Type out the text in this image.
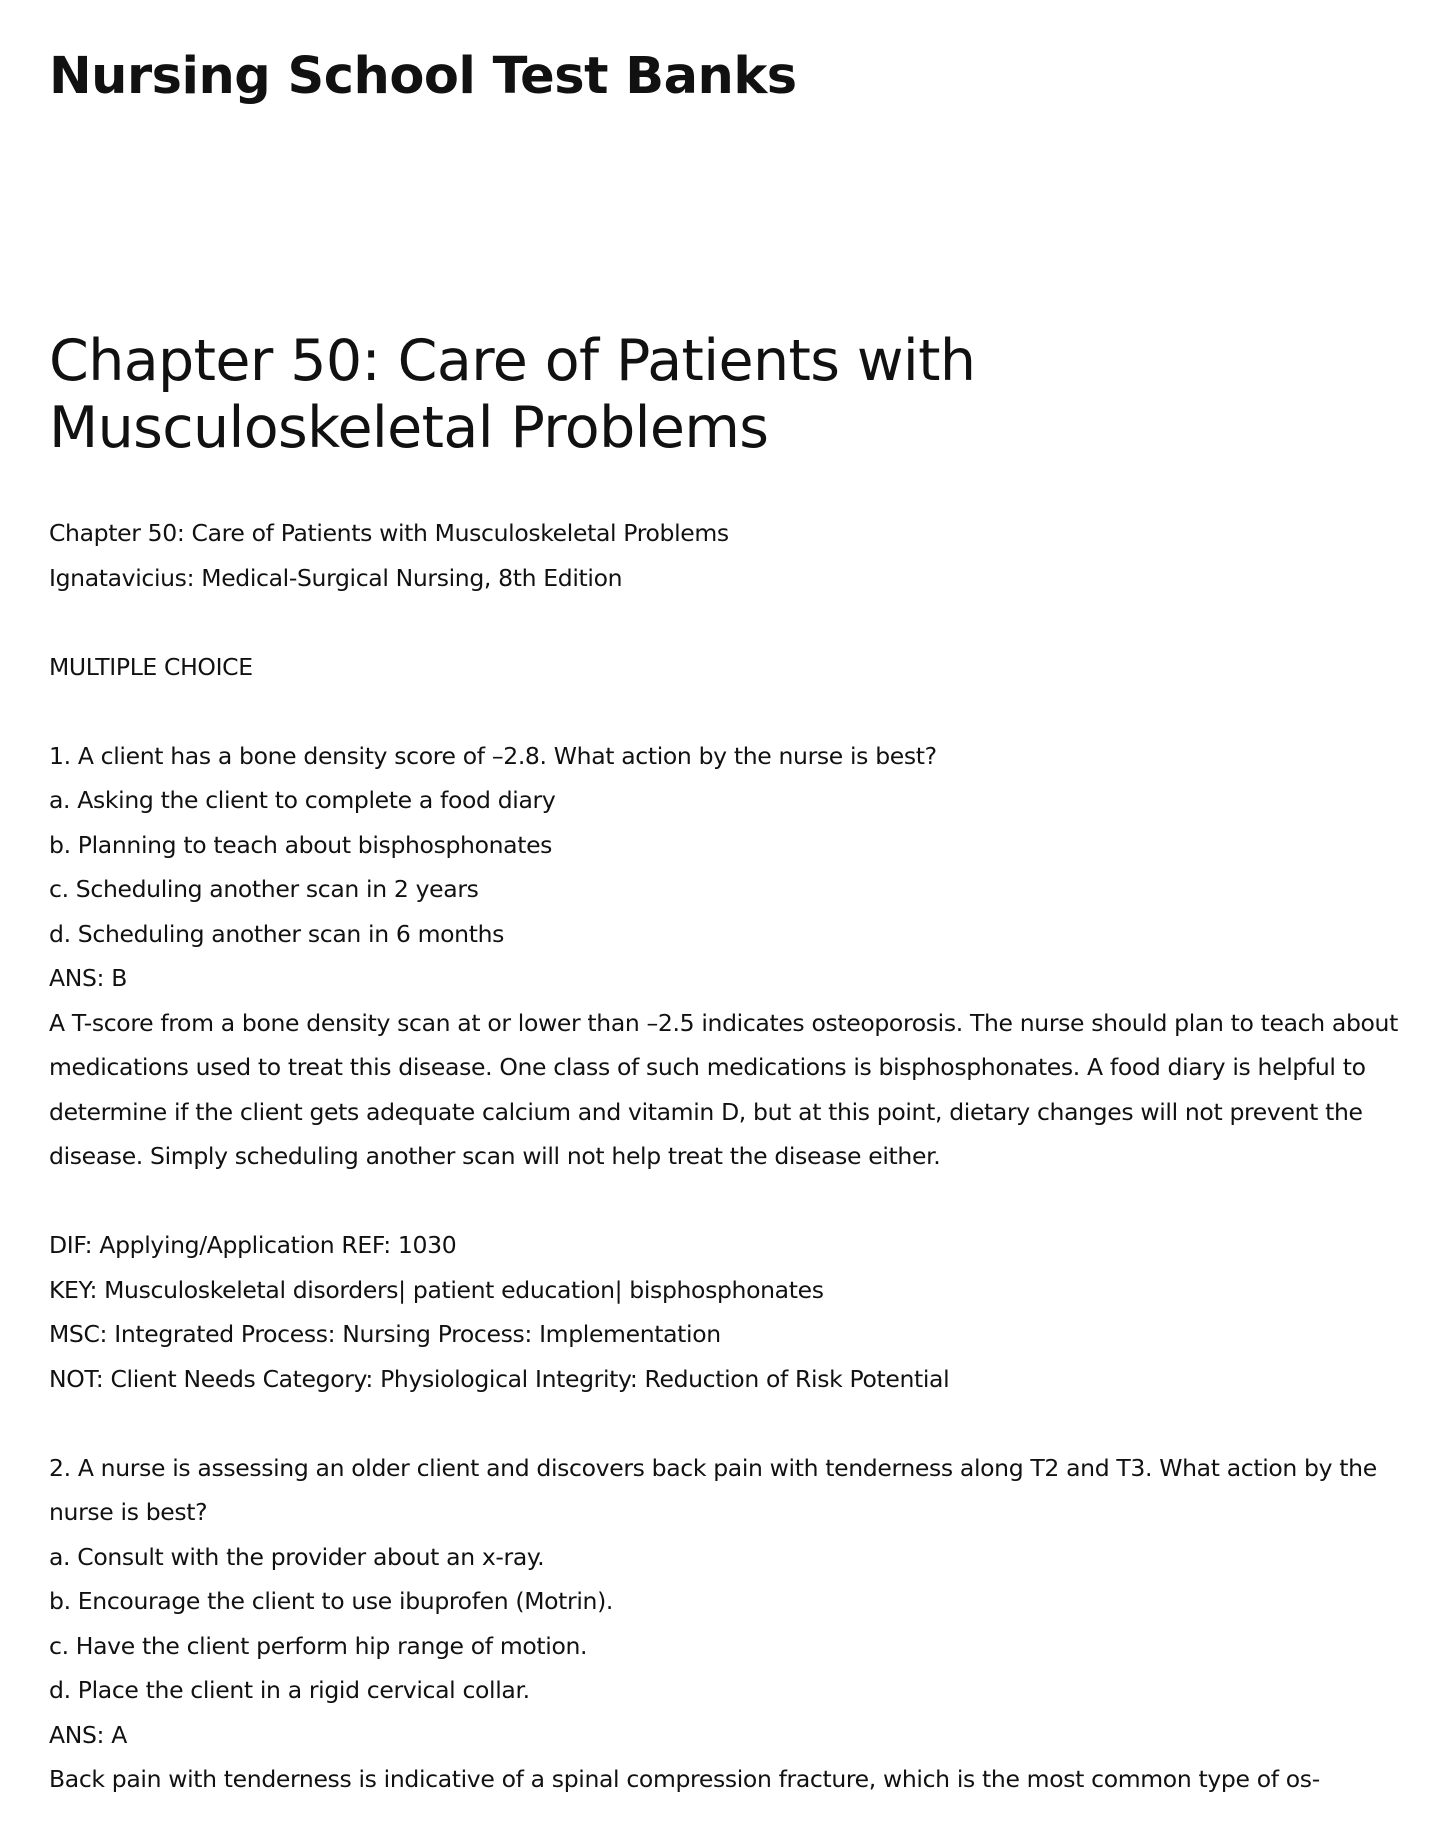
Nursing School Test Banks
Chapter 50: Care of Patients with Musculoskeletal Problems
Chapter 50: Care of Patients with Musculoskeletal Problems
Ignatavicius: Medical-Surgical Nursing, 8th Edition
MULTIPLE CHOICE
1. A client has a bone density score of –2.8. What action by the nurse is best?
a. Asking the client to complete a food diary
b. Planning to teach about bisphosphonates
c. Scheduling another scan in 2 years
d. Scheduling another scan in 6 months
ANS: B
A T-score from a bone density scan at or lower than –2.5 indicates osteoporosis. The nurse should plan to teach about medications used to treat this disease. One class of such medications is bisphosphonates. A food diary is helpful to determine if the client gets adequate calcium and vitamin D, but at this point, dietary changes will not prevent the disease. Simply scheduling another scan will not help treat the disease either.
DIF: Applying/Application REF: 1030
KEY: Musculoskeletal disorders| patient education| bisphosphonates
MSC: Integrated Process: Nursing Process: Implementation
NOT: Client Needs Category: Physiological Integrity: Reduction of Risk Potential
2. A nurse is assessing an older client and discovers back pain with tenderness along T2 and T3. What action by the nurse is best?
a. Consult with the provider about an x-ray.
b. Encourage the client to use ibuprofen (Motrin).
c. Have the client perform hip range of motion.
d. Place the client in a rigid cervical collar.
ANS: A
Back pain with tenderness is indicative of a spinal compression fracture, which is the most common type of os-
